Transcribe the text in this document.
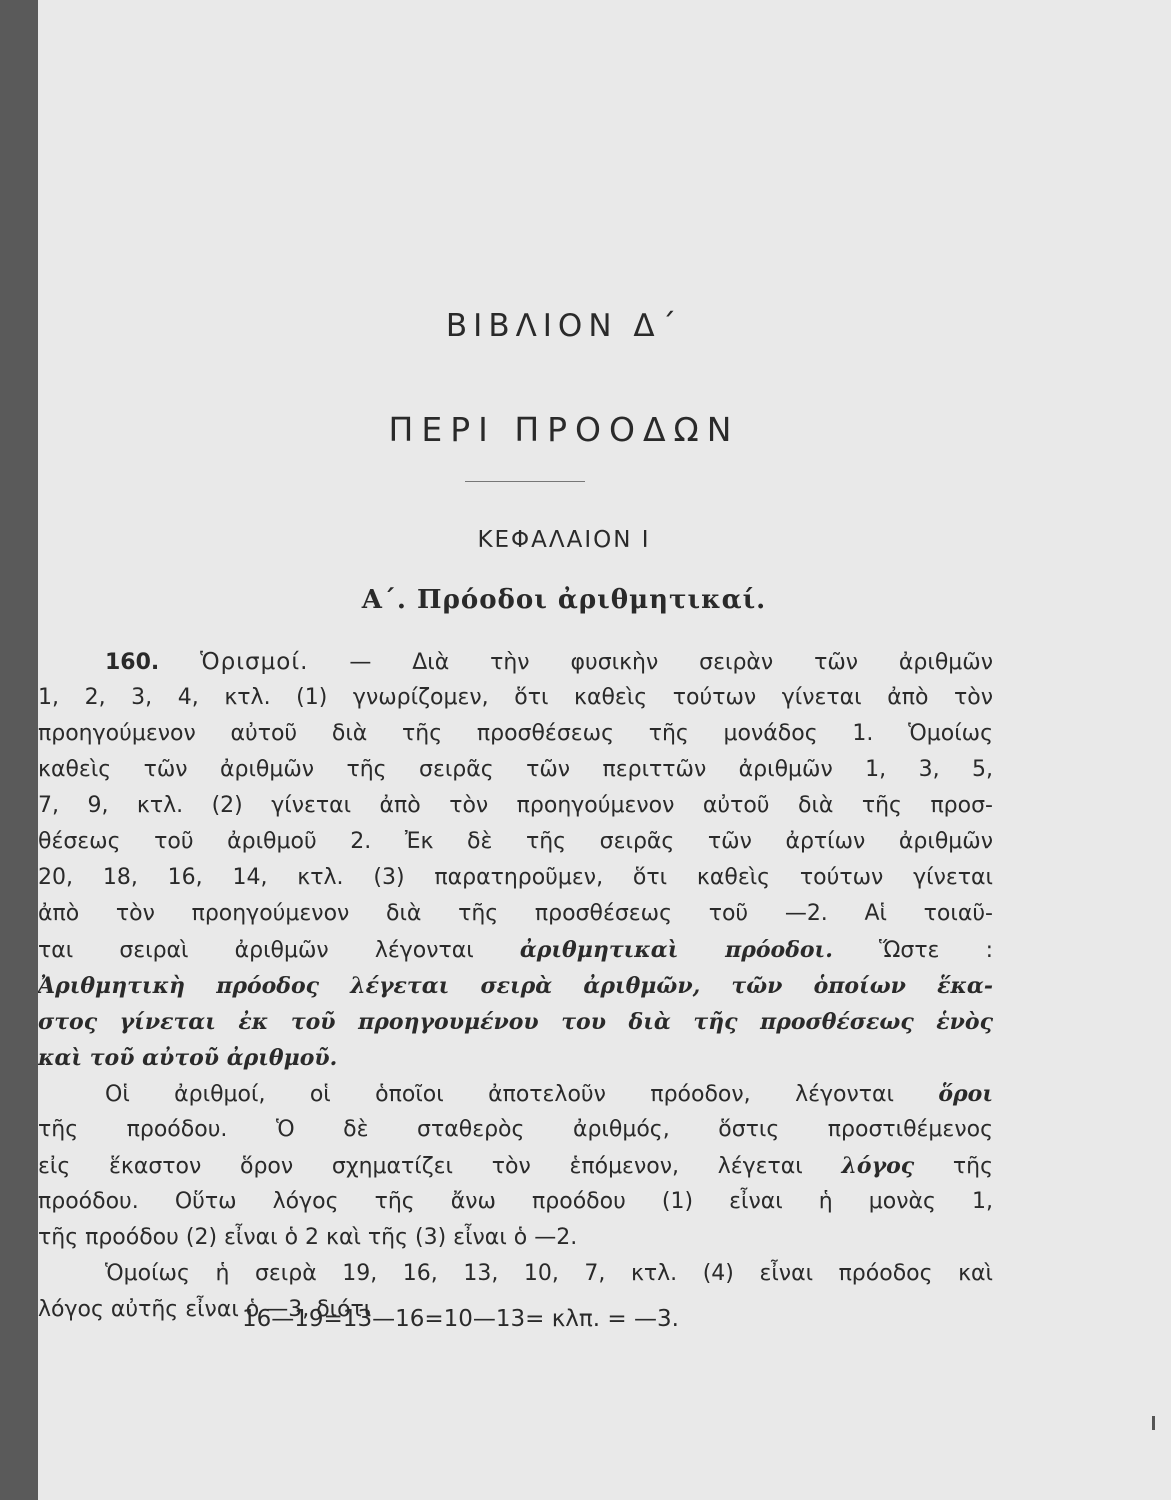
ΒΙΒΛΙΟΝ Δ΄
ΠΕΡΙ ΠΡΟΟΔΩΝ
ΚΕΦΑΛΑΙΟΝ Ι
Α΄. Πρόοδοι ἀριθμητικαί.
160. Ὁρισμοί. — Διὰ τὴν φυσικὴν σειρὰν τῶν ἀριθμῶν
1, 2, 3, 4, κτλ. (1) γνωρίζομεν, ὅτι καθεὶς τούτων γίνεται ἀπὸ τὸν
προηγούμενον αὐτοῦ διὰ τῆς προσθέσεως τῆς μονάδος 1. Ὁμοίως
καθεὶς τῶν ἀριθμῶν τῆς σειρᾶς τῶν περιττῶν ἀριθμῶν 1, 3, 5,
7, 9, κτλ. (2) γίνεται ἀπὸ τὸν προηγούμενον αὐτοῦ διὰ τῆς προσ-
θέσεως τοῦ ἀριθμοῦ 2. Ἐκ δὲ τῆς σειρᾶς τῶν ἀρτίων ἀριθμῶν
20, 18, 16, 14, κτλ. (3) παρατηροῦμεν, ὅτι καθεὶς τούτων γίνεται
ἀπὸ τὸν προηγούμενον διὰ τῆς προσθέσεως τοῦ —2. Αἱ τοιαῦ-
ται σειραὶ ἀριθμῶν λέγονται ἀριθμητικαὶ πρόοδοι. Ὥστε :
Ἀριθμητικὴ πρόοδος λέγεται σειρὰ ἀριθμῶν, τῶν ὁποίων ἕκα-
στος γίνεται ἐκ τοῦ προηγουμένου του διὰ τῆς προσθέσεως ἑνὸς
καὶ τοῦ αὐτοῦ ἀριθμοῦ.
Οἱ ἀριθμοί, οἱ ὁποῖοι ἀποτελοῦν πρόοδον, λέγονται ὅροι
τῆς προόδου. Ὁ δὲ σταθερὸς ἀριθμός, ὅστις προστιθέμενος
εἰς ἕκαστον ὅρον σχηματίζει τὸν ἑπόμενον, λέγεται λόγος τῆς
προόδου. Οὕτω λόγος τῆς ἄνω προόδου (1) εἶναι ἡ μονὰς 1,
τῆς προόδου (2) εἶναι ὁ 2 καὶ τῆς (3) εἶναι ὁ —2.
Ὁμοίως ἡ σειρὰ 19, 16, 13, 10, 7, κτλ. (4) εἶναι πρόοδος καὶ
λόγος αὐτῆς εἶναι ὁ —3, διότι
16—19=13—16=10—13= κλπ. = —3.
